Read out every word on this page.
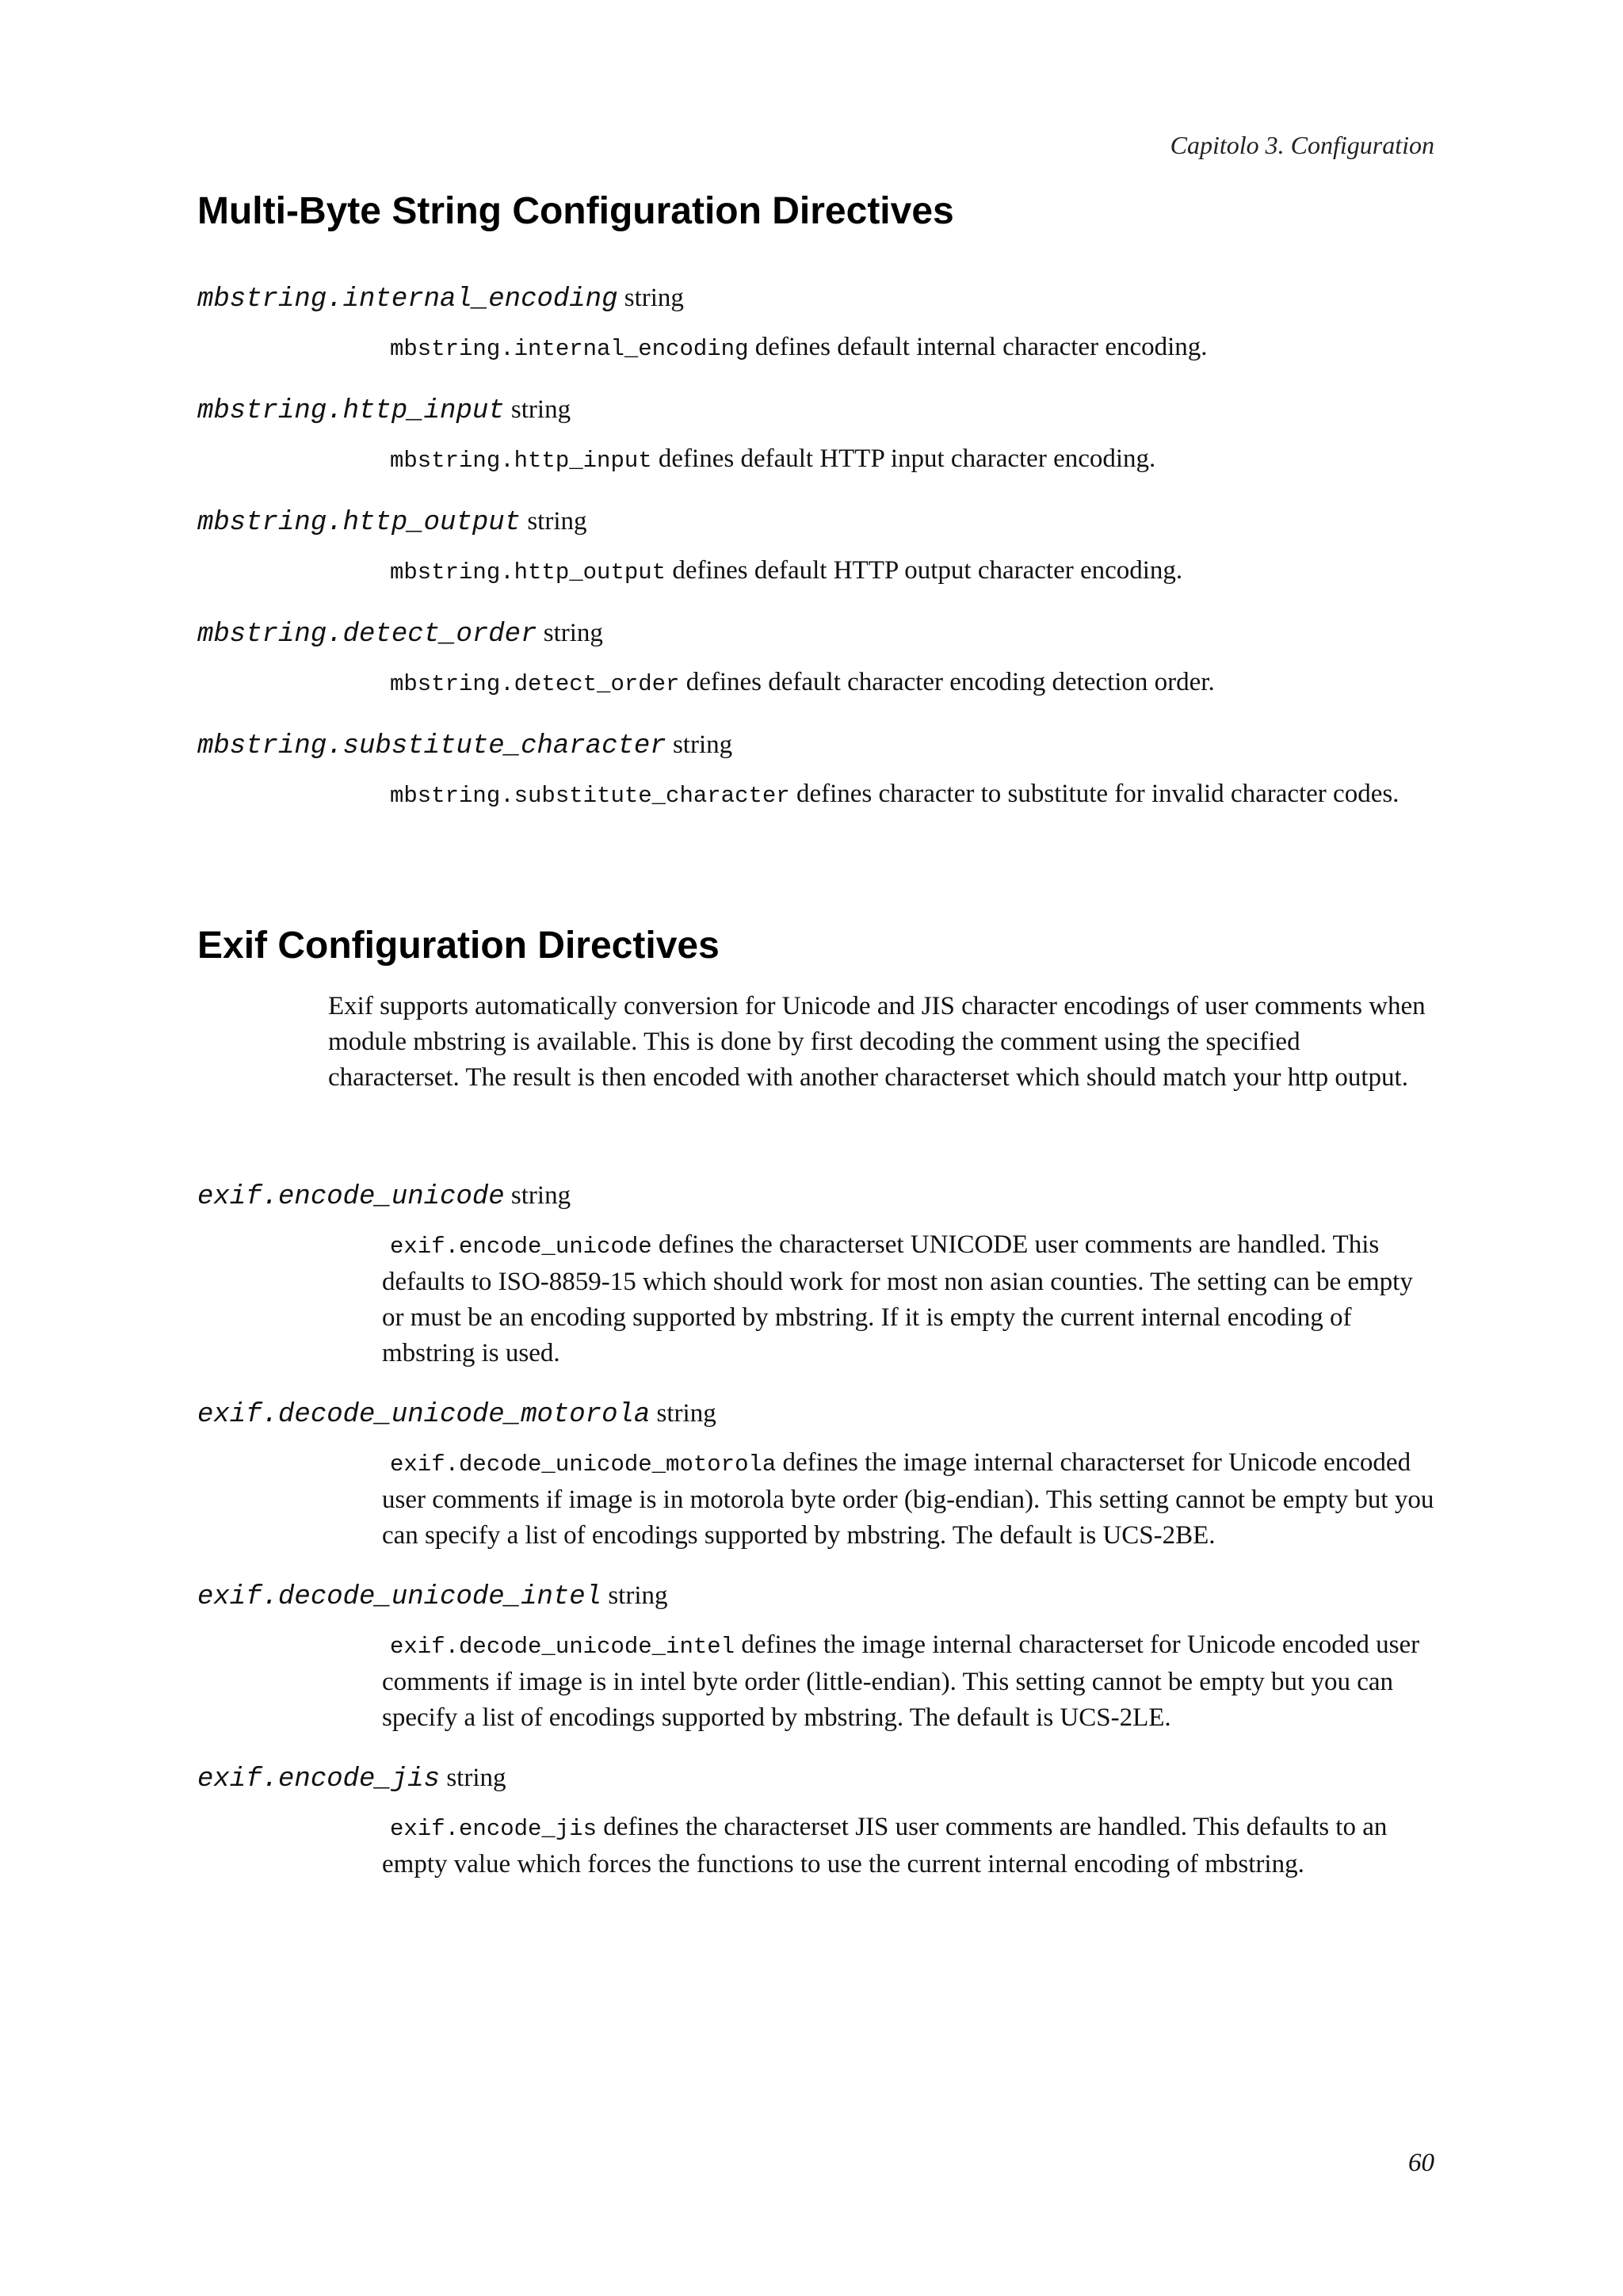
Capitolo 3. Configuration
Multi-Byte String Configuration Directives
mbstring.internal_encoding string
mbstring.internal_encoding defines default internal character encoding.
mbstring.http_input string
mbstring.http_input defines default HTTP input character encoding.
mbstring.http_output string
mbstring.http_output defines default HTTP output character encoding.
mbstring.detect_order string
mbstring.detect_order defines default character encoding detection order.
mbstring.substitute_character string
mbstring.substitute_character defines character to substitute for invalid character codes.
Exif Configuration Directives
Exif supports automatically conversion for Unicode and JIS character encodings of user comments when module mbstring is available. This is done by first decoding the comment using the specified characterset. The result is then encoded with another characterset which should match your http output.
exif.encode_unicode string
exif.encode_unicode defines the characterset UNICODE user comments are handled. This defaults to ISO-8859-15 which should work for most non asian counties. The setting can be empty or must be an encoding supported by mbstring. If it is empty the current internal encoding of mbstring is used.
exif.decode_unicode_motorola string
exif.decode_unicode_motorola defines the image internal characterset for Unicode encoded user comments if image is in motorola byte order (big-endian). This setting cannot be empty but you can specify a list of encodings supported by mbstring. The default is UCS-2BE.
exif.decode_unicode_intel string
exif.decode_unicode_intel defines the image internal characterset for Unicode encoded user comments if image is in intel byte order (little-endian). This setting cannot be empty but you can specify a list of encodings supported by mbstring. The default is UCS-2LE.
exif.encode_jis string
exif.encode_jis defines the characterset JIS user comments are handled. This defaults to an empty value which forces the functions to use the current internal encoding of mbstring.
60
